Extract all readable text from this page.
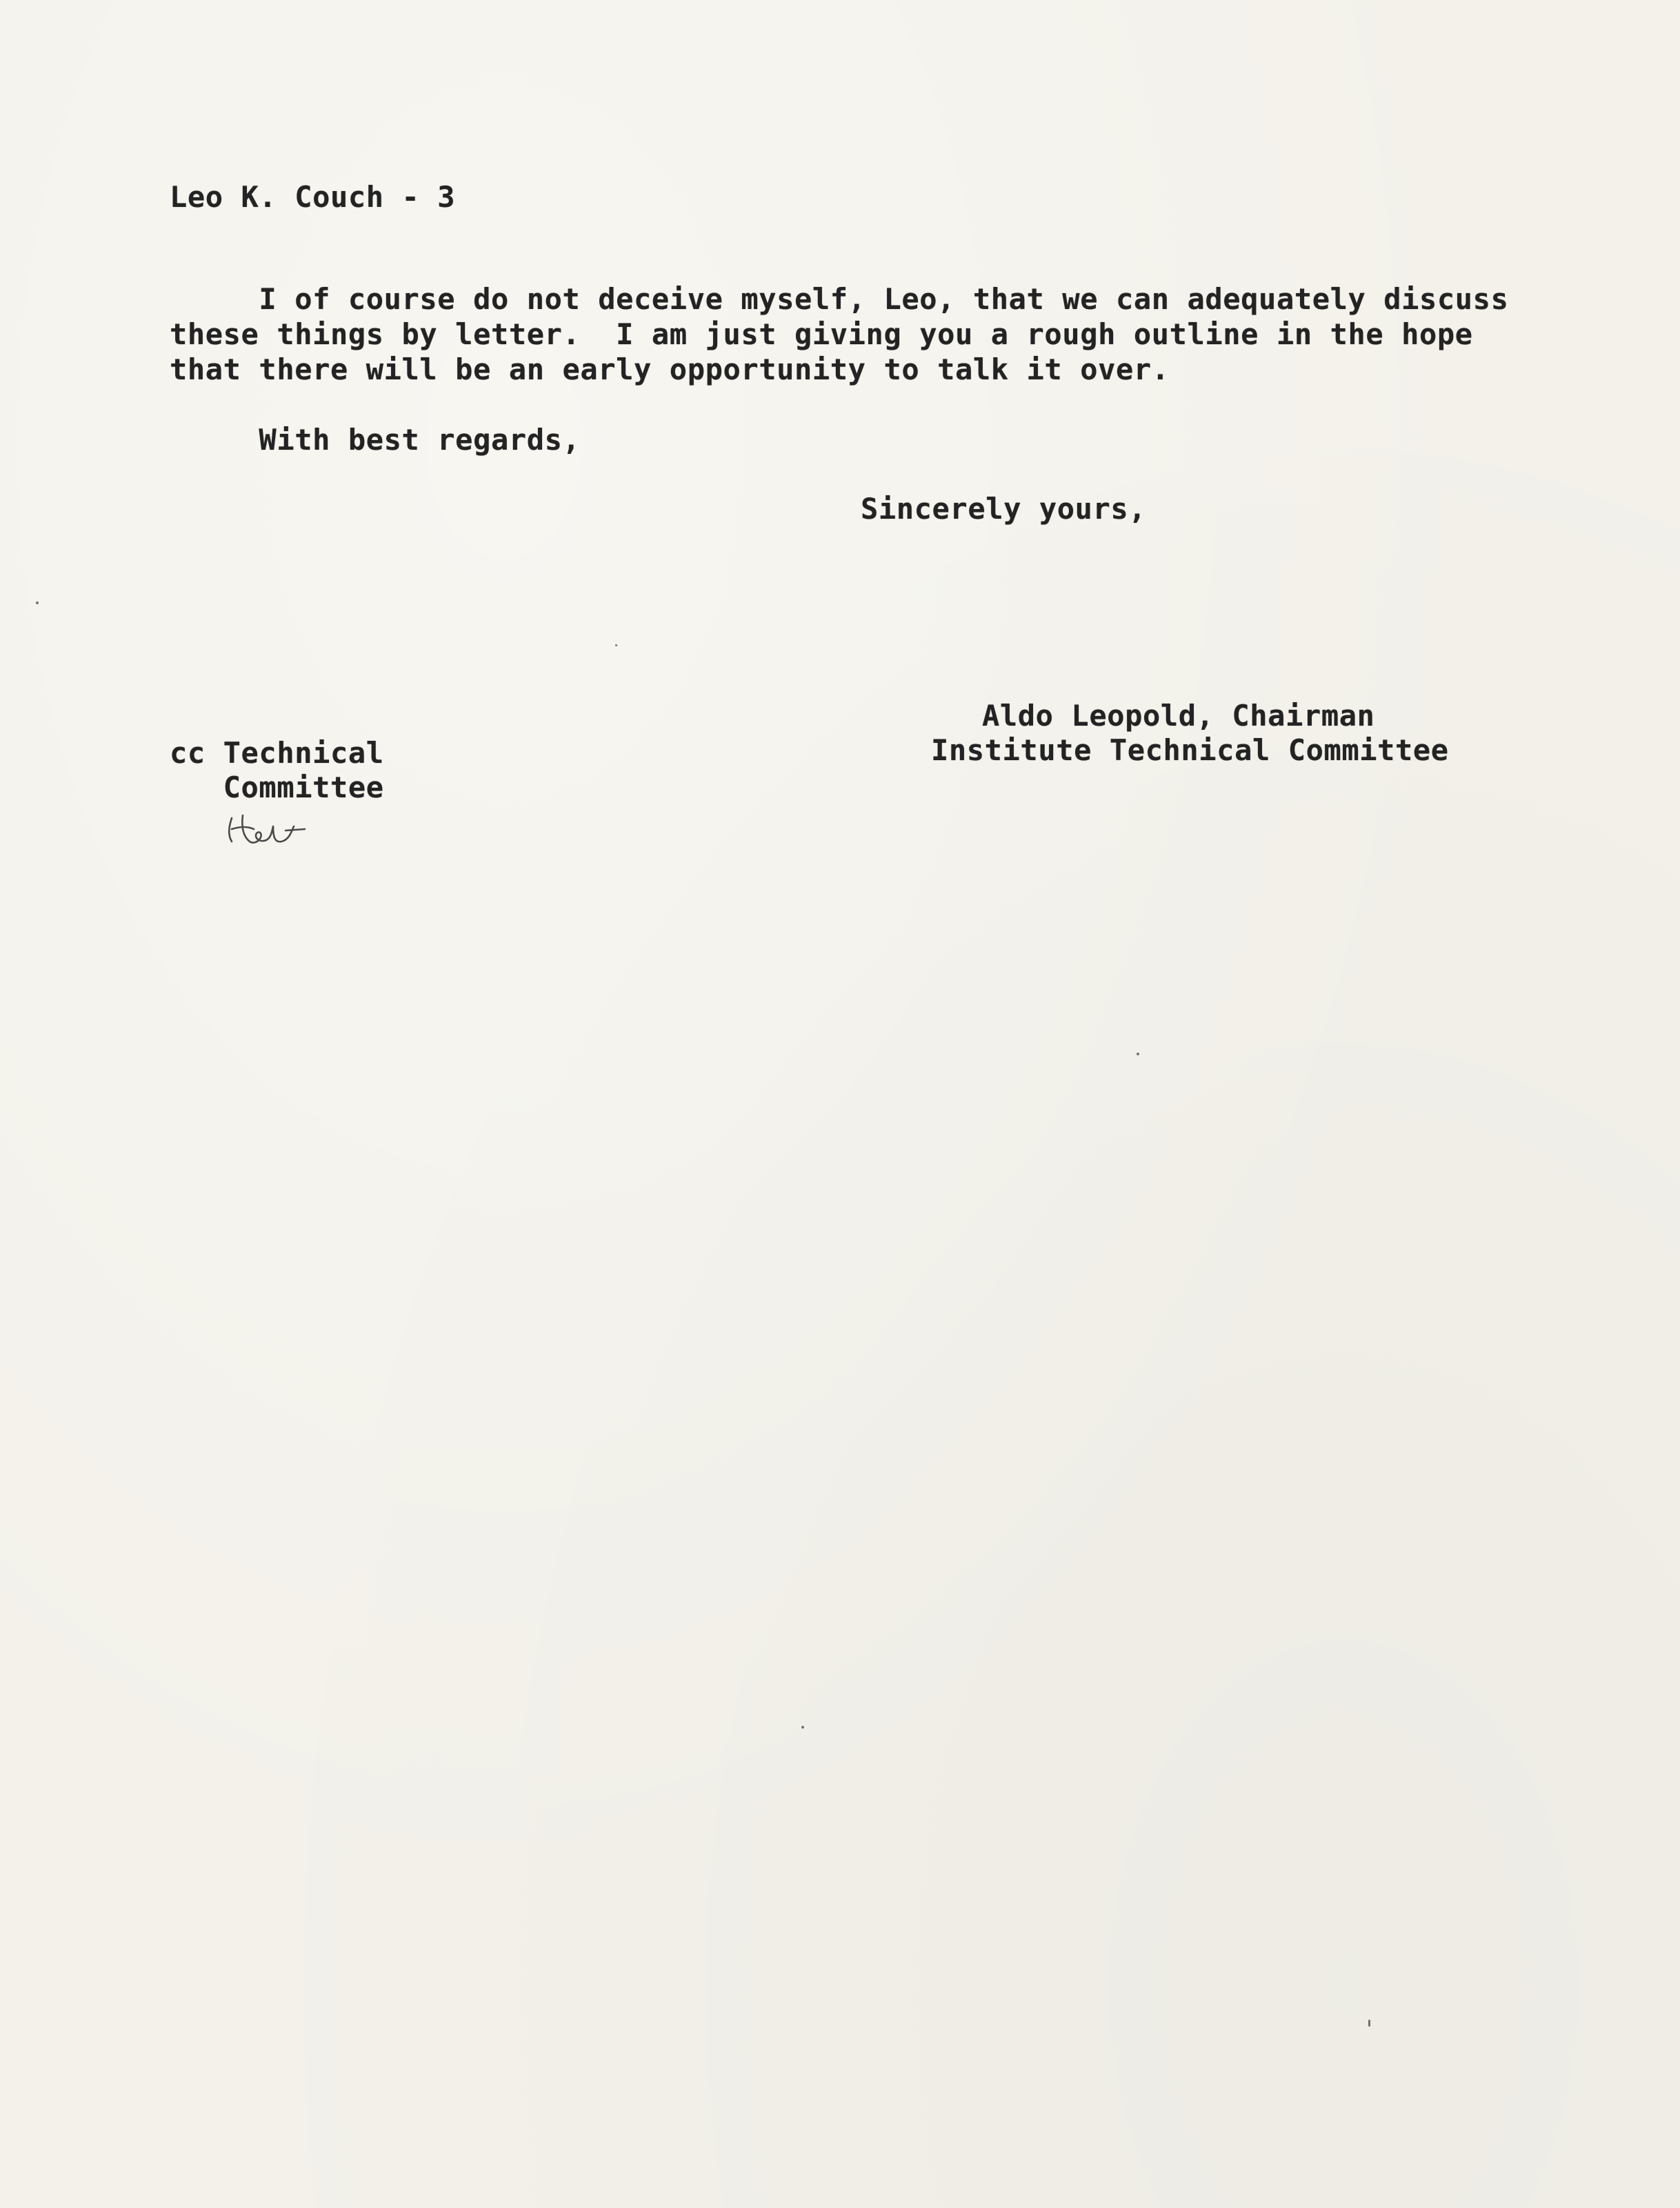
Leo K. Couch - 3
I of course do not deceive myself, Leo, that we can adequately discuss
these things by letter.  I am just giving you a rough outline in the hope
that there will be an early opportunity to talk it over.
With best regards,
Sincerely yours,
Aldo Leopold, Chairman
Institute Technical Committee
cc Technical
Committee
